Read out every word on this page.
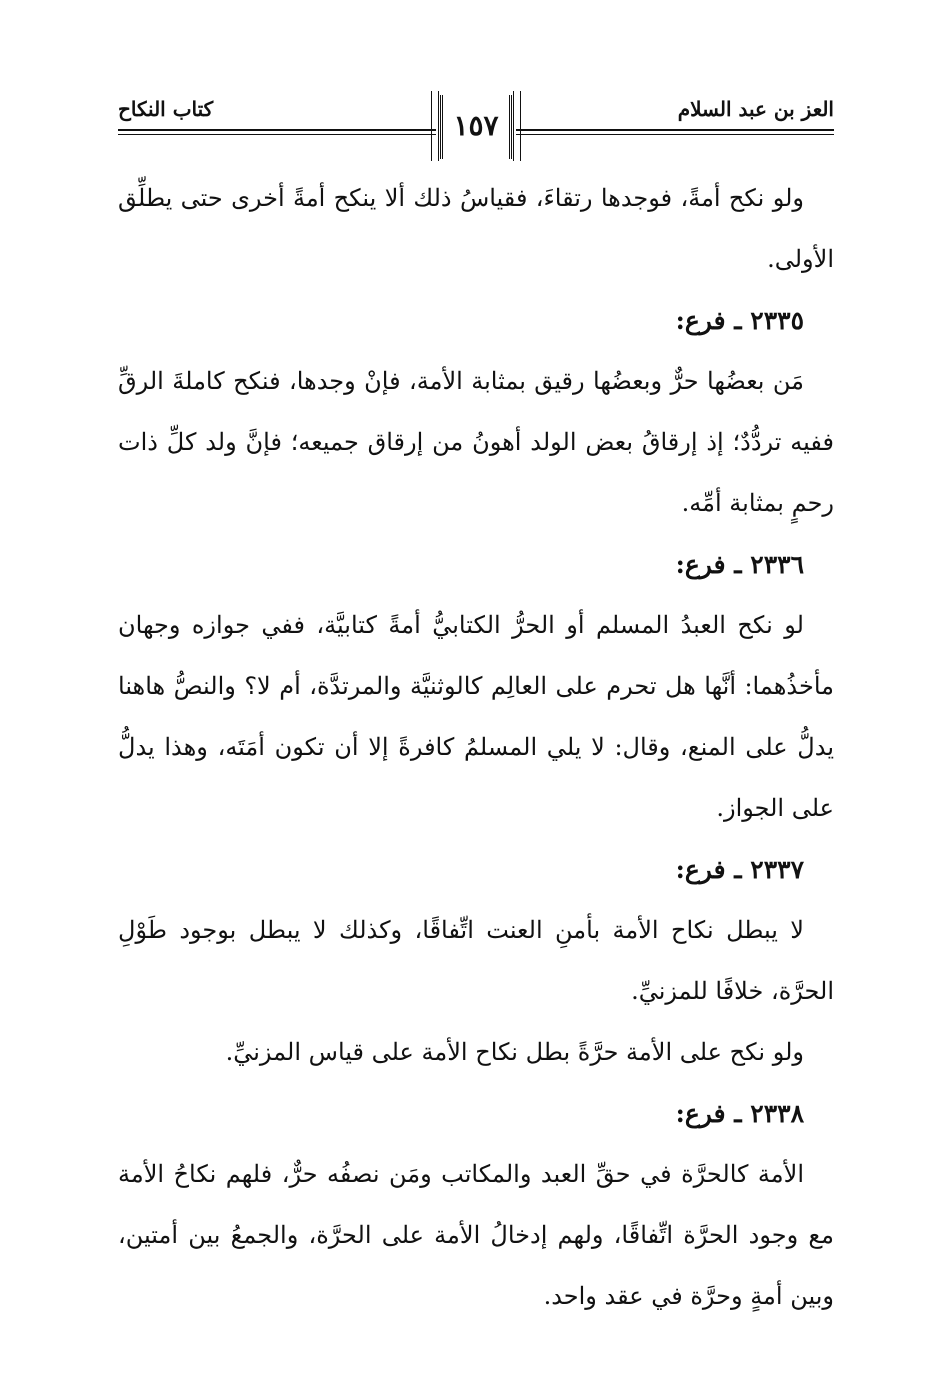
العز بن عبد السلام
كتاب النكاح	١٥٧

ولو نكح أمةً، فوجدها رتقاءَ، فقياسُ ذلك ألا ينكح أمةً أخرى حتى يطلِّق الأولى.

٢٣٣٥ ـ فرع:

مَن بعضُها حرٌّ وبعضُها رقيق بمثابة الأمة، فإنْ وجدها، فنكح كاملةَ الرقِّ ففيه تردُّدٌ؛ إذ إرقاقُ بعض الولد أهونُ من إرقاق جميعه؛ فإنَّ ولد كلِّ ذات رحمٍ بمثابة أمِّه.

٢٣٣٦ ـ فرع:

لو نكح العبدُ المسلم أو الحرُّ الكتابيُّ أمةً كتابيَّة، ففي جوازه وجهان مأخذُهما: أنَّها هل تحرم على العالِم كالوثنيَّة والمرتدَّة، أم لا؟ والنصُّ هاهنا يدلُّ على المنع، وقال: لا يلي المسلمُ كافرةً إلا أن تكون أمَتَه، وهذا يدلُّ على الجواز.

٢٣٣٧ ـ فرع:

لا يبطل نكاح الأمة بأمنِ العنت اتِّفاقًا، وكذلك لا يبطل بوجود طَوْلِ الحرَّة، خلافًا للمزنيِّ.

ولو نكح على الأمة حرَّةً بطل نكاح الأمة على قياس المزنيِّ.

٢٣٣٨ ـ فرع:

الأمة كالحرَّة في حقِّ العبد والمكاتب ومَن نصفُه حرٌّ، فلهم نكاحُ الأمة مع وجود الحرَّة اتِّفاقًا، ولهم إدخالُ الأمة على الحرَّة، والجمعُ بين أمتين، وبين أمةٍ وحرَّة في عقد واحد.
